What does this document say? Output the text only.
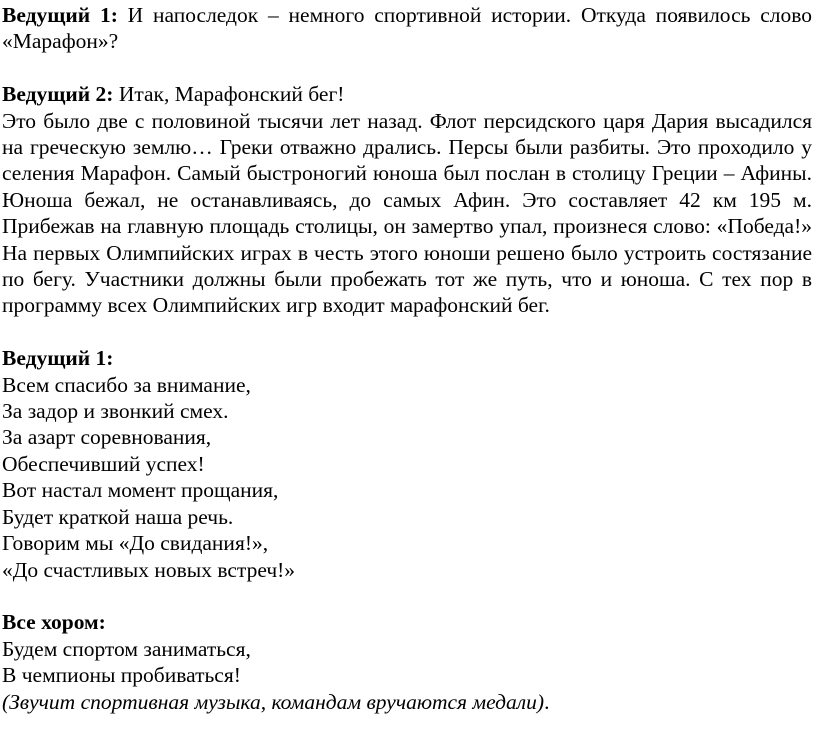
Ведущий 1: И напоследок – немного спортивной истории. Откуда появилось слово «Марафон»?
Ведущий 2: Итак, Марафонский бег!
Это было две с половиной тысячи лет назад. Флот персидского царя Дария высадился на греческую землю… Греки отважно дрались. Персы были разбиты. Это проходило у селения Марафон. Самый быстроногий юноша был послан в столицу Греции – Афины. Юноша бежал, не останавливаясь, до самых Афин. Это составляет 42 км 195 м. Прибежав на главную площадь столицы, он замертво упал, произнеся слово: «Победа!» На первых Олимпийских играх в честь этого юноши решено было устроить состязание по бегу. Участники должны были пробежать тот же путь, что и юноша. С тех пор в программу всех Олимпийских игр входит марафонский бег.
Ведущий 1:
Всем спасибо за внимание,
За задор и звонкий смех.
За азарт соревнования,
Обеспечивший успех!
Вот настал момент прощания,
Будет краткой наша речь.
Говорим мы «До свидания!»,
«До счастливых новых встреч!»
Все хором:
Будем спортом заниматься,
В чемпионы пробиваться!
(Звучит спортивная музыка, командам вручаются медали).
